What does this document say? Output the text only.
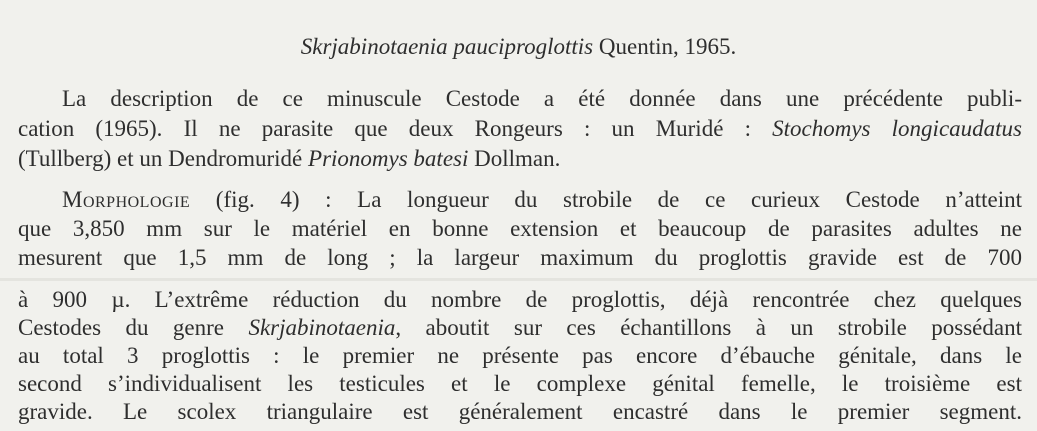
Skrjabinotaenia pauciproglottis Quentin, 1965.
La description de ce minuscule Cestode a été donnée dans une précédente publi-
cation (1965). Il ne parasite que deux Rongeurs : un Muridé : Stochomys longicaudatus
(Tullberg) et un Dendromuridé Prionomys batesi Dollman.
Morphologie (fig. 4) : La longueur du strobile de ce curieux Cestode n’atteint
que 3,850 mm sur le matériel en bonne extension et beaucoup de parasites adultes ne
mesurent que 1,5 mm de long ; la largeur maximum du proglottis gravide est de 700
à 900 µ. L’extrême réduction du nombre de proglottis, déjà rencontrée chez quelques
Cestodes du genre Skrjabinotaenia, aboutit sur ces échantillons à un strobile possédant
au total 3 proglottis : le premier ne présente pas encore d’ébauche génitale, dans le
second s’individualisent les testicules et le complexe génital femelle, le troisième est
gravide. Le scolex triangulaire est généralement encastré dans le premier segment.
